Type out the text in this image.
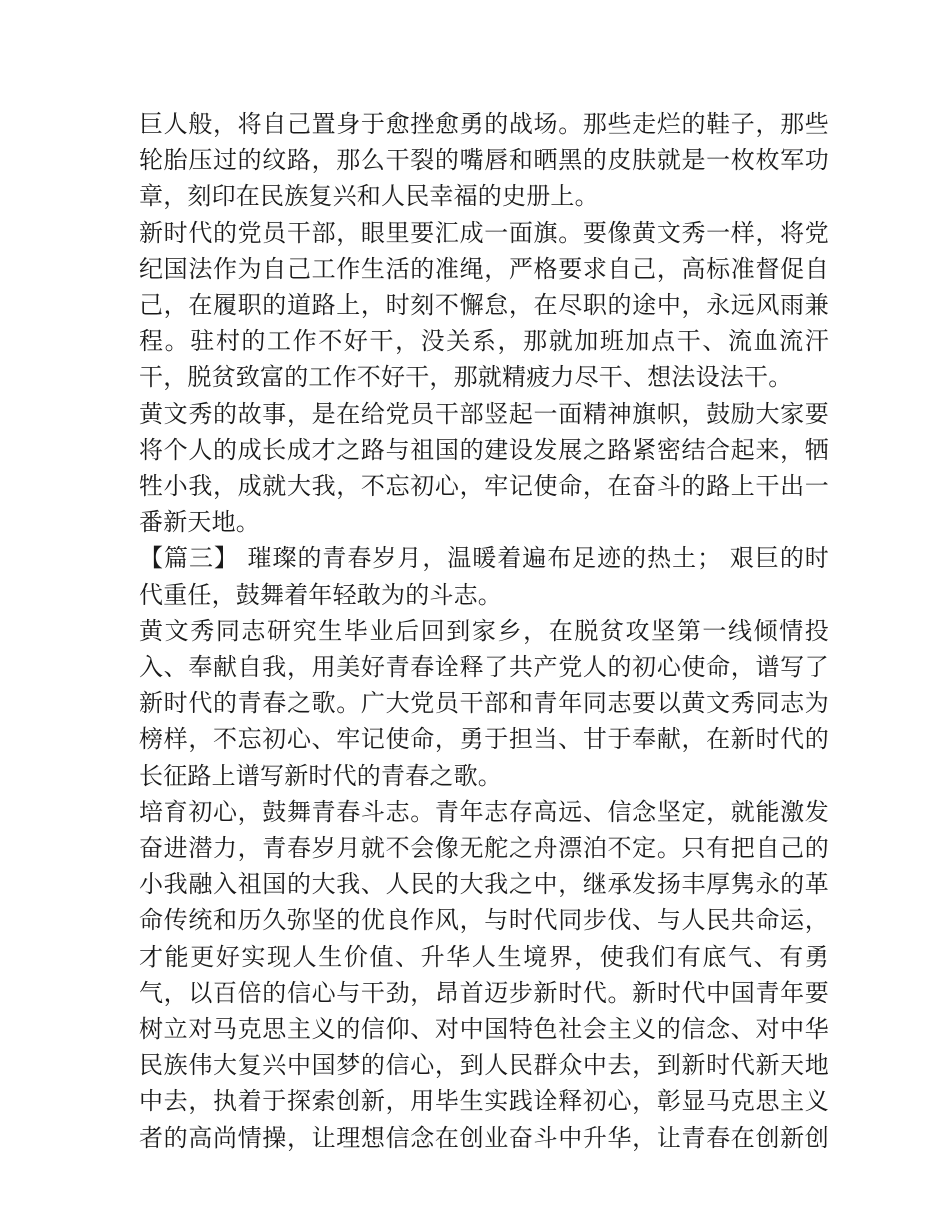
巨人般，将自己置身于愈挫愈勇的战场。那些走烂的鞋子，那些轮胎压过的纹路，那么干裂的嘴唇和晒黑的皮肤就是一枚枚军功章，刻印在民族复兴和人民幸福的史册上。

新时代的党员干部，眼里要汇成一面旗。要像黄文秀一样，将党纪国法作为自己工作生活的准绳，严格要求自己，高标准督促自己，在履职的道路上，时刻不懈怠，在尽职的途中，永远风雨兼程。驻村的工作不好干，没关系，那就加班加点干、流血流汗干，脱贫致富的工作不好干，那就精疲力尽干、想法设法干。

黄文秀的故事，是在给党员干部竖起一面精神旗帜，鼓励大家要将个人的成长成才之路与祖国的建设发展之路紧密结合起来，牺牲小我，成就大我，不忘初心，牢记使命，在奋斗的路上干出一番新天地。

【篇三】 璀璨的青春岁月，温暖着遍布足迹的热土； 艰巨的时代重任，鼓舞着年轻敢为的斗志。

黄文秀同志研究生毕业后回到家乡，在脱贫攻坚第一线倾情投入、奉献自我，用美好青春诠释了共产党人的初心使命，谱写了新时代的青春之歌。广大党员干部和青年同志要以黄文秀同志为榜样，不忘初心、牢记使命，勇于担当、甘于奉献，在新时代的长征路上谱写新时代的青春之歌。

培育初心，鼓舞青春斗志。青年志存高远、信念坚定，就能激发奋进潜力，青春岁月就不会像无舵之舟漂泊不定。只有把自己的小我融入祖国的大我、人民的大我之中，继承发扬丰厚隽永的革命传统和历久弥坚的优良作风，与时代同步伐、与人民共命运，才能更好实现人生价值、升华人生境界，使我们有底气、有勇气，以百倍的信心与干劲，昂首迈步新时代。新时代中国青年要树立对马克思主义的信仰、对中国特色社会主义的信念、对中华民族伟大复兴中国梦的信心，到人民群众中去，到新时代新天地中去，执着于探索创新，用毕生实践诠释初心，彰显马克思主义者的高尚情操，让理想信念在创业奋斗中升华，让青春在创新创
